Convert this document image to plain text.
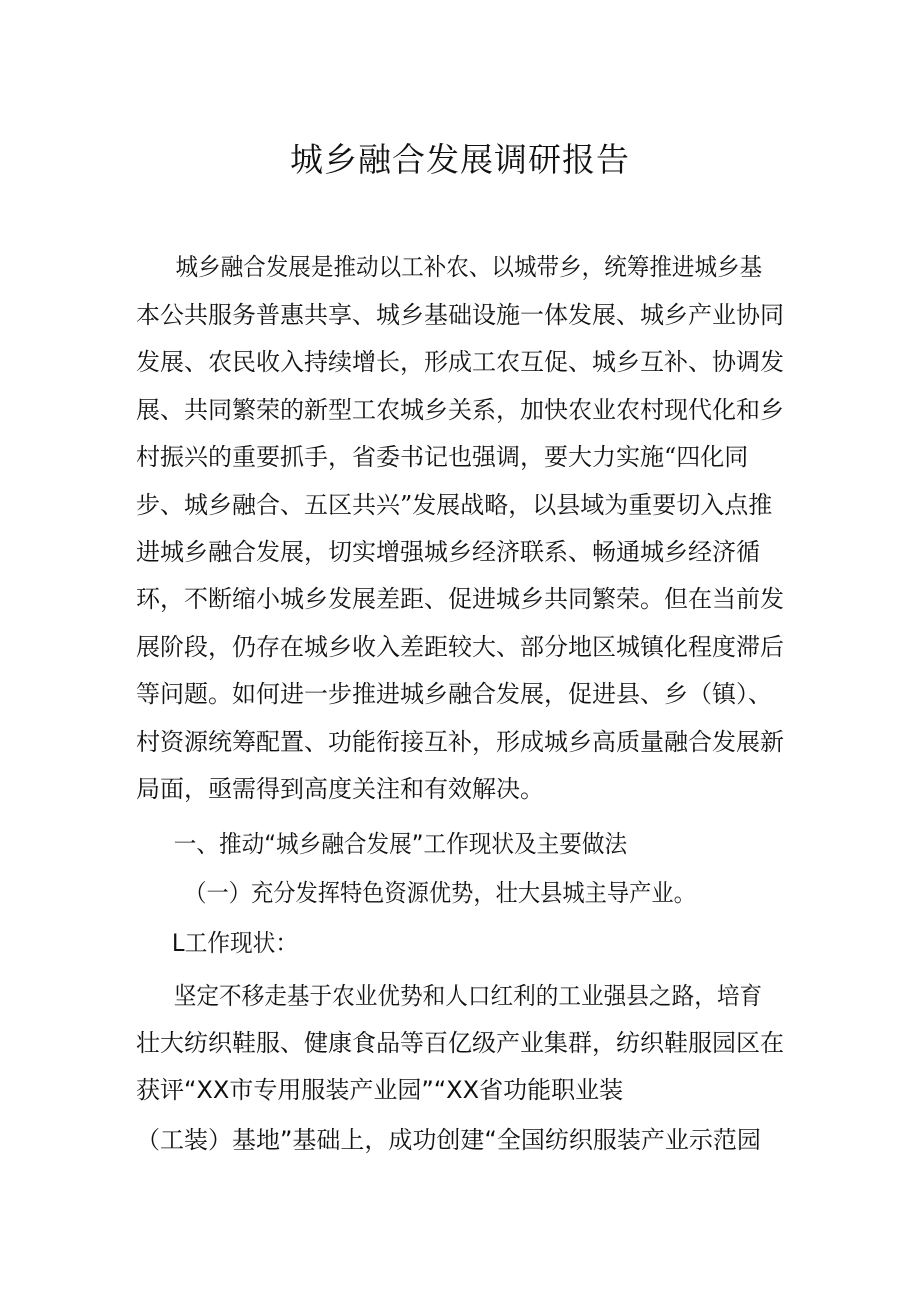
城乡融合发展调研报告
城乡融合发展是推动以工补农、以城带乡，统筹推进城乡基
本公共服务普惠共享、城乡基础设施一体发展、城乡产业协同
发展、农民收入持续增长，形成工农互促、城乡互补、协调发
展、共同繁荣的新型工农城乡关系，加快农业农村现代化和乡
村振兴的重要抓手，省委书记也强调，要大力实施“四化同
步、城乡融合、五区共兴”发展战略，以县域为重要切入点推
进城乡融合发展，切实增强城乡经济联系、畅通城乡经济循
环，不断缩小城乡发展差距、促进城乡共同繁荣。但在当前发
展阶段，仍存在城乡收入差距较大、部分地区城镇化程度滞后
等问题。如何进一步推进城乡融合发展，促进县、乡（镇）、
村资源统筹配置、功能衔接互补，形成城乡高质量融合发展新
局面，亟需得到高度关注和有效解决。
一、推动“城乡融合发展”工作现状及主要做法
（一）充分发挥特色资源优势，壮大县城主导产业。
L工作现状：
坚定不移走基于农业优势和人口红利的工业强县之路，培育
壮大纺织鞋服、健康食品等百亿级产业集群，纺织鞋服园区在
获评“XX市专用服装产业园”“XX省功能职业装
（工装）基地”基础上，成功创建“全国纺织服装产业示范园
